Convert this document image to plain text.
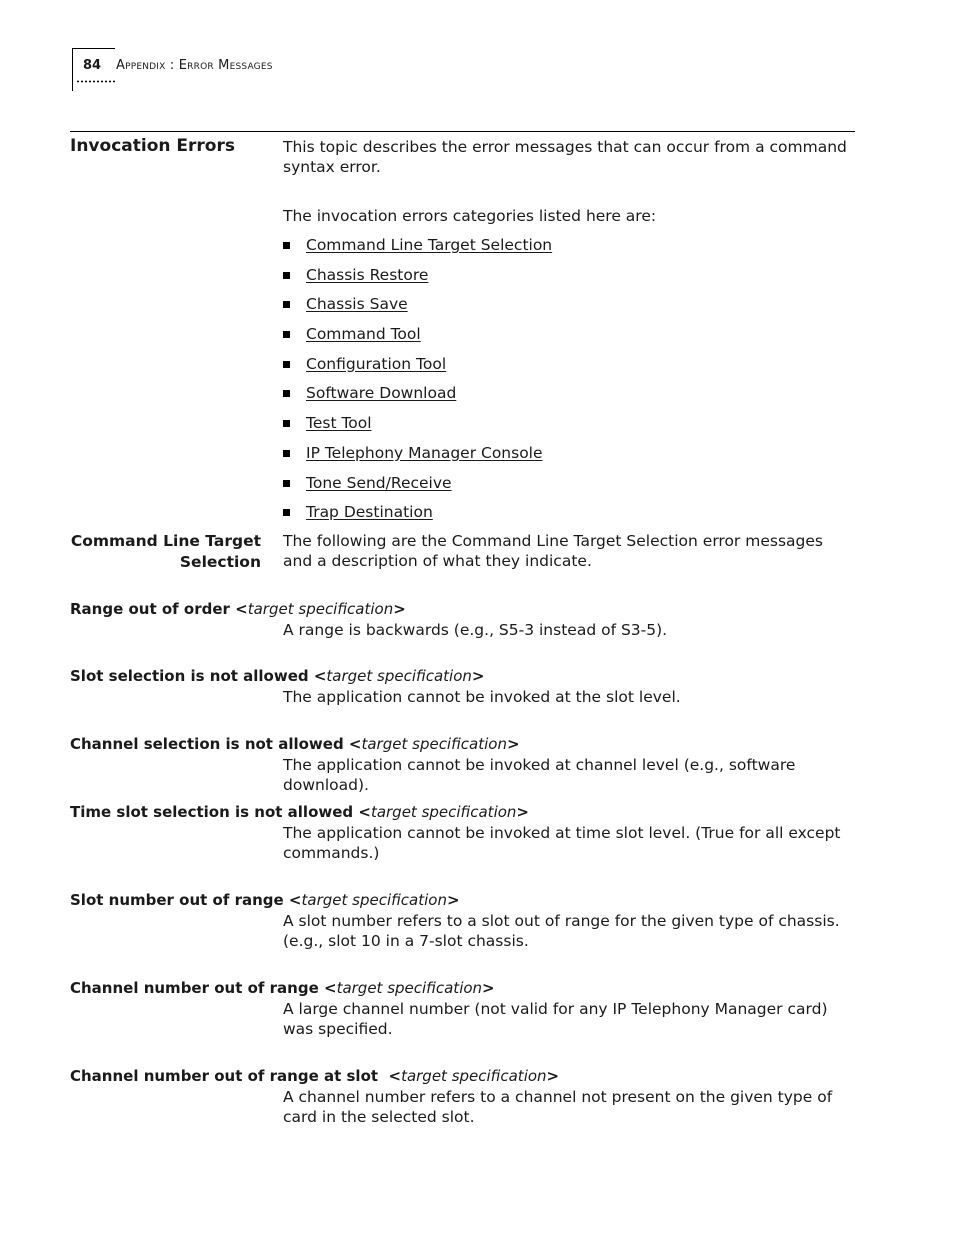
84 Appendix : Error Messages
Invocation Errors	This topic describes the error messages that can occur from a command syntax error.
The invocation errors categories listed here are:
Command Line Target Selection
Chassis Restore
Chassis Save
Command Tool
Configuration Tool
Software Download
Test Tool
IP Telephony Manager Console
Tone Send/Receive
Trap Destination
Command Line Target
Selection
The following are the Command Line Target Selection error messages and a description of what they indicate.
Range out of order <target specification>
A range is backwards (e.g., S5-3 instead of S3-5).
Slot selection is not allowed <target specification>
The application cannot be invoked at the slot level.
Channel selection is not allowed <target specification>
The application cannot be invoked at channel level (e.g., software download).
Time slot selection is not allowed <target specification>
The application cannot be invoked at time slot level. (True for all except commands.)
Slot number out of range <target specification>
A slot number refers to a slot out of range for the given type of chassis. (e.g., slot 10 in a 7-slot chassis.
Channel number out of range <target specification>
A large channel number (not valid for any IP Telephony Manager card) was specified.
Channel number out of range at slot  <target specification>
A channel number refers to a channel not present on the given type of card in the selected slot.
